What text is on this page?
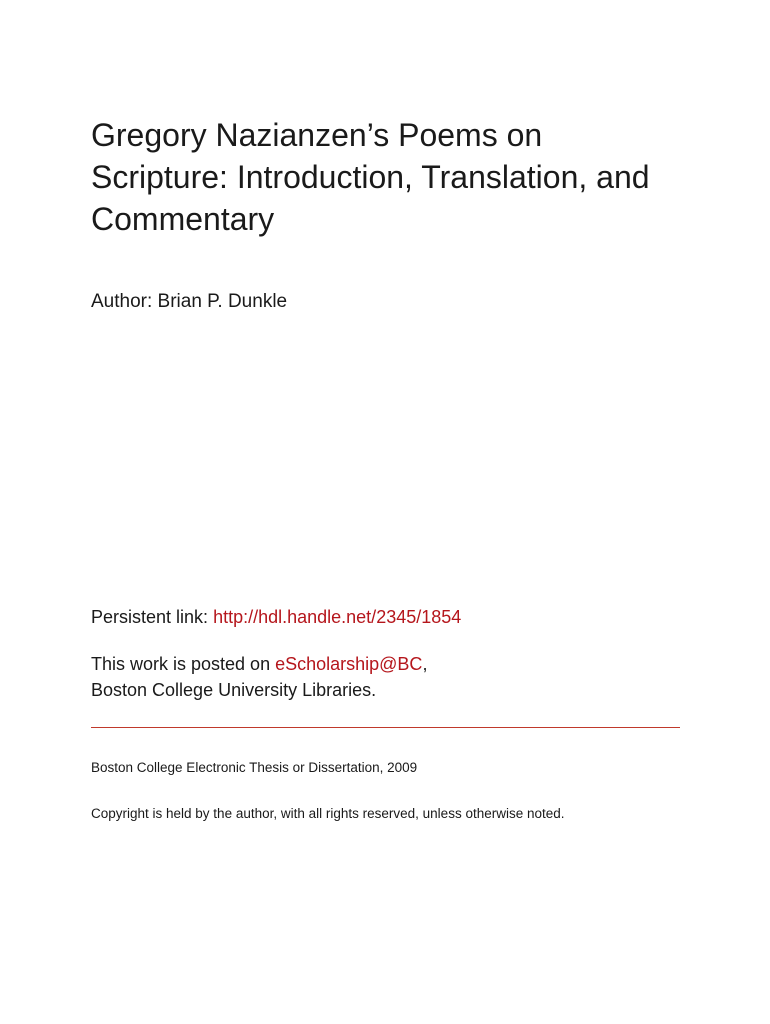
Gregory Nazianzen’s Poems on
Scripture: Introduction, Translation, and
Commentary
Author: Brian P. Dunkle
Persistent link: http://hdl.handle.net/2345/1854
This work is posted on eScholarship@BC,
Boston College University Libraries.
Boston College Electronic Thesis or Dissertation, 2009
Copyright is held by the author, with all rights reserved, unless otherwise noted.
